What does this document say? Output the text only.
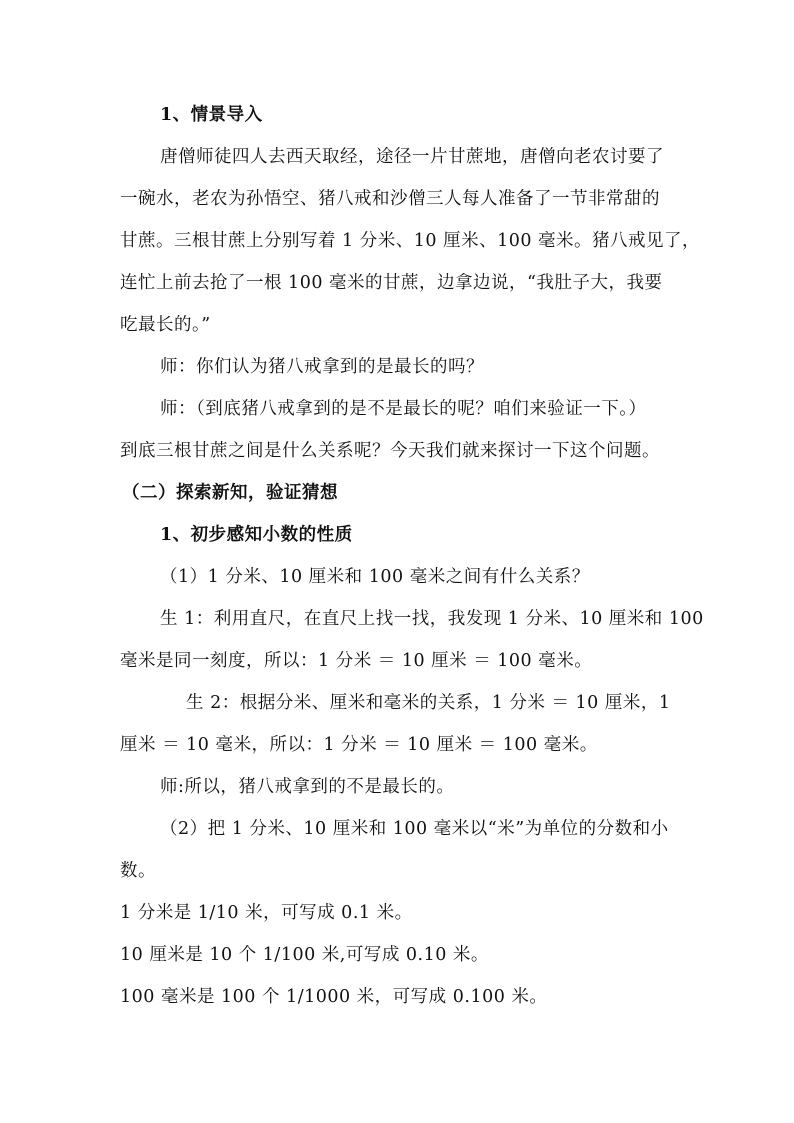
1、情景导入
唐僧师徒四人去西天取经，途径一片甘蔗地，唐僧向老农讨要了
一碗水，老农为孙悟空、猪八戒和沙僧三人每人准备了一节非常甜的
甘蔗。三根甘蔗上分别写着 1 分米、10 厘米、100 毫米。猪八戒见了，
连忙上前去抢了一根 100 毫米的甘蔗，边拿边说，“我肚子大，我要
吃最长的。”
师：你们认为猪八戒拿到的是最长的吗？
师：（到底猪八戒拿到的是不是最长的呢？咱们来验证一下。）
到底三根甘蔗之间是什么关系呢？今天我们就来探讨一下这个问题。
（二）探索新知，验证猜想
1、初步感知小数的性质
（1）1 分米、10 厘米和 100 毫米之间有什么关系？
生 1：利用直尺，在直尺上找一找，我发现 1 分米、10 厘米和 100
毫米是同一刻度，所以：1 分米 ＝ 10 厘米 ＝ 100 毫米。
生 2：根据分米、厘米和毫米的关系，1 分米 ＝ 10 厘米，1
厘米 ＝ 10 毫米，所以：1 分米 ＝ 10 厘米 ＝ 100 毫米。
师:所以，猪八戒拿到的不是最长的。
（2）把 1 分米、10 厘米和 100 毫米以“米”为单位的分数和小
数。
1 分米是 1/10 米，可写成 0.1 米。
10 厘米是 10 个 1/100 米,可写成 0.10 米。
100 毫米是 100 个 1/1000 米，可写成 0.100 米。
